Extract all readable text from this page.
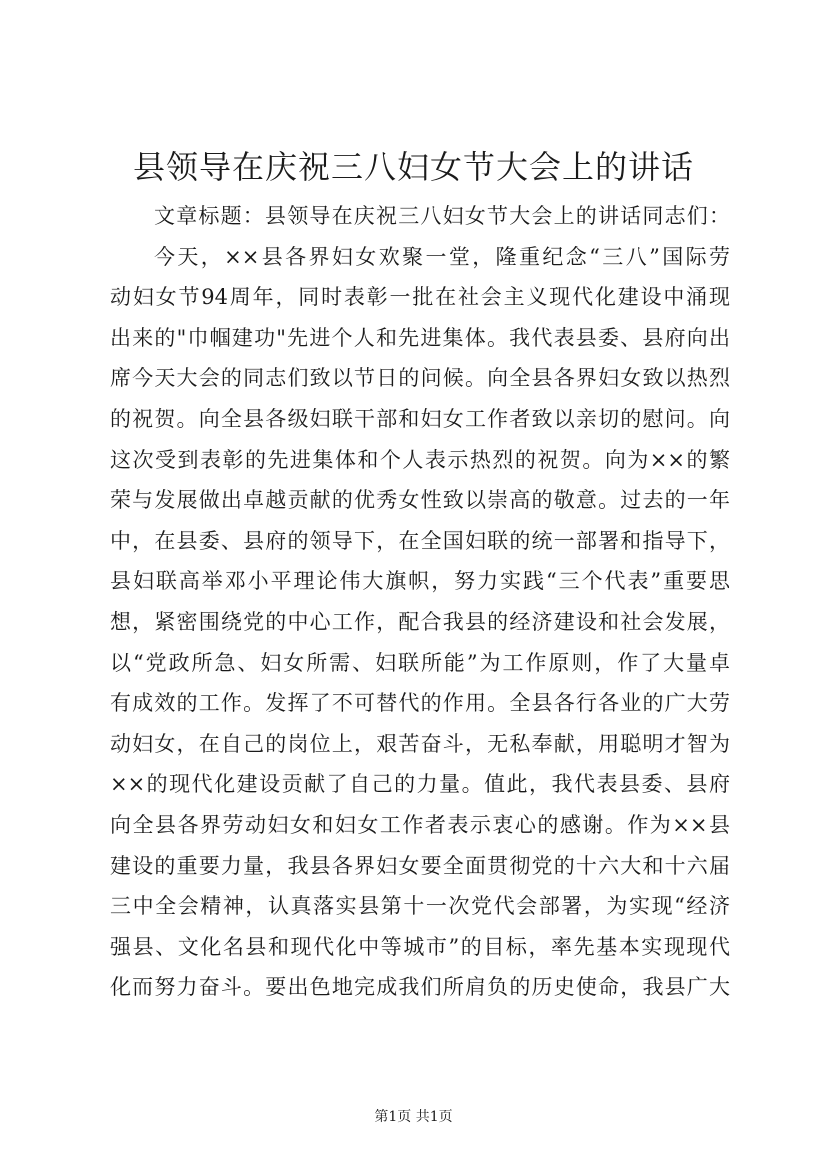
县领导在庆祝三八妇女节大会上的讲话
文章标题：县领导在庆祝三八妇女节大会上的讲话同志们：
今天，××县各界妇女欢聚一堂，隆重纪念“三八”国际劳
动妇女节94周年，同时表彰一批在社会主义现代化建设中涌现
出来的"巾帼建功"先进个人和先进集体。我代表县委、县府向出
席今天大会的同志们致以节日的问候。向全县各界妇女致以热烈
的祝贺。向全县各级妇联干部和妇女工作者致以亲切的慰问。向
这次受到表彰的先进集体和个人表示热烈的祝贺。向为××的繁
荣与发展做出卓越贡献的优秀女性致以崇高的敬意。过去的一年
中，在县委、县府的领导下，在全国妇联的统一部署和指导下，
县妇联高举邓小平理论伟大旗帜，努力实践“三个代表”重要思
想，紧密围绕党的中心工作，配合我县的经济建设和社会发展，
以“党政所急、妇女所需、妇联所能”为工作原则，作了大量卓
有成效的工作。发挥了不可替代的作用。全县各行各业的广大劳
动妇女，在自己的岗位上，艰苦奋斗，无私奉献，用聪明才智为
××的现代化建设贡献了自己的力量。值此，我代表县委、县府
向全县各界劳动妇女和妇女工作者表示衷心的感谢。作为××县
建设的重要力量，我县各界妇女要全面贯彻党的十六大和十六届
三中全会精神，认真落实县第十一次党代会部署，为实现“经济
强县、文化名县和现代化中等城市”的目标，率先基本实现现代
化而努力奋斗。要出色地完成我们所肩负的历史使命，我县广大
第1页 共1页
